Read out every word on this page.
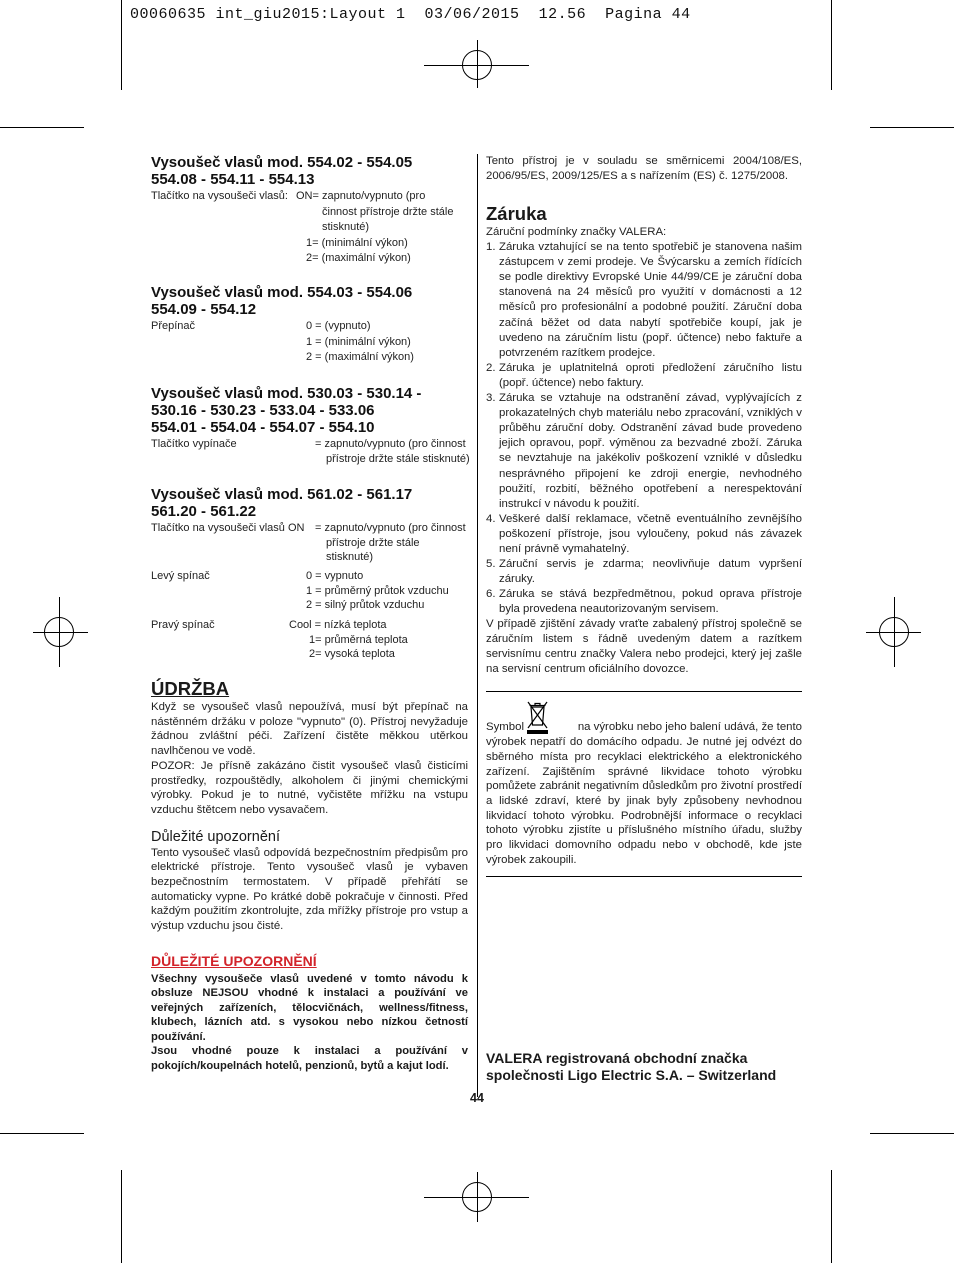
00060635 int_giu2015:Layout 1  03/06/2015  12.56  Pagina 44
Vysoušeč vlasů mod. 554.02 - 554.05
554.08 - 554.11 - 554.13
Tlačítko na vysoušeči vlasů: ON= zapnuto/vypnuto (pro
činnost přístroje držte stále
stisknuté)
1= (minimální výkon)
2= (maximální výkon)
Vysoušeč vlasů mod. 554.03 - 554.06
554.09 - 554.12
Přepínač	0 = (vypnuto)
1 = (minimální výkon)
2 = (maximální výkon)
Vysoušeč vlasů mod. 530.03 - 530.14 -
530.16 - 530.23 - 533.04 - 533.06
554.01 - 554.04 - 554.07 - 554.10
Tlačítko vypínače	= zapnuto/vypnuto (pro činnost
přístroje držte stále stisknuté)
Vysoušeč vlasů mod. 561.02 - 561.17
561.20 - 561.22
Tlačítko na vysoušeči vlasů ON = zapnuto/vypnuto (pro činnost
přístroje držte stále
stisknuté)
Levý spínač	0 = vypnuto
1 = průměrný průtok vzduchu
2 = silný průtok vzduchu
Pravý spínač	Cool = nízká teplota
1= průměrná teplota
2= vysoká teplota
ÚDRŽBA

Když se vysoušeč vlasů nepoužívá, musí být přepínač na nástěnném držáku v poloze "vypnuto" (0). Přístroj nevyžaduje žádnou zvláštní péči. Zařízení čistěte měkkou utěrkou navlhčenou ve vodě.

POZOR: Je přísně zakázáno čistit vysoušeč vlasů čisticími prostředky, rozpouštědly, alkoholem či jinými chemickými výrobky. Pokud je to nutné, vyčistěte mřížku na vstupu vzduchu štětcem nebo vysavačem.

Důležité upozornění

Tento vysoušeč vlasů odpovídá bezpečnostním předpisům pro elektrické přístroje. Tento vysoušeč vlasů je vybaven bezpečnostním termostatem. V případě přehřátí se automaticky vypne. Po krátké době pokračuje v činnosti. Před každým použitím zkontrolujte, zda mřížky přístroje pro vstup a výstup vzduchu jsou čisté.

DŮLEŽITÉ UPOZORNĚNÍ

Všechny vysoušeče vlasů uvedené v tomto návodu k obsluze NEJSOU vhodné k instalaci a používání ve veřejných zařízeních, tělocvičnách, wellness/fitness, klubech, lázních atd. s vysokou nebo nízkou četností používání.

Jsou vhodné pouze k instalaci a používání v pokojích/koupelnách hotelů, penzionů, bytů a kajut lodí.

Tento přístroj je v souladu se směrnicemi 2004/108/ES, 2006/95/ES, 2009/125/ES a s nařízením (ES) č. 1275/2008.

Záruka

Záruční podmínky značky VALERA:

1. Záruka vztahující se na tento spotřebič je stanovena našim zástupcem v zemi prodeje. Ve Švýcarsku a zemích řídících se podle direktivy Evropské Unie 44/99/CE je záruční doba stanovená na 24 měsíců pro využití v domácnosti a 12 měsíců pro profesionální a podobné použití. Záruční doba začíná běžet od data nabytí spotřebiče koupí, jak je uvedeno na záručním listu (popř. účtence) nebo faktuře a potvrzeném razítkem prodejce.
2. Záruka je uplatnitelná oproti předložení záručního listu (popř. účtence) nebo faktury.
3. Záruka se vztahuje na odstranění závad, vyplývajících z prokazatelných chyb materiálu nebo zpracování, vzniklých v průběhu záruční doby. Odstranění závad bude provedeno jejich opravou, popř. výměnou za bezvadné zboží. Záruka se nevztahuje na jakékoliv poškození vzniklé v důsledku nesprávného připojení ke zdroji energie, nevhodného použití, rozbití, běžného opotřebení a nerespektování instrukcí v návodu k použití.
4. Veškeré další reklamace, včetně eventuálního zevnějšího poškození přístroje, jsou vyloučeny, pokud nás závazek není právně vymahatelný.
5. Záruční servis je zdarma; neovlivňuje datum vypršení záruky.
6. Záruka se stává bezpředmětnou, pokud oprava přístroje byla provedena neautorizovaným servisem.

V případě zjištění závady vraťte zabalený přístroj společně se záručním listem s řádně uvedeným datem a razítkem servisnímu centru značky Valera nebo prodejci, který jej zašle na servisní centrum oficiálního dovozce.

Symbol	na výrobku nebo jeho balení udává, že tento

výrobek nepatří do domácího odpadu. Je nutné jej odvézt do sběrného místa pro recyklaci elektrického a elektronického zařízení. Zajištěním správné likvidace tohoto výrobku pomůžete zabránit negativním důsledkům pro životní prostředí a lidské zdraví, které by jinak byly způsobeny nevhodnou likvidací tohoto výrobku. Podrobnější informace o recyklaci tohoto výrobku zjistíte u příslušného místního úřadu, služby pro likvidaci domovního odpadu nebo v obchodě, kde jste výrobek zakoupili.

VALERA registrovaná obchodní značka
společnosti Ligo Electric S.A. – Switzerland
44
